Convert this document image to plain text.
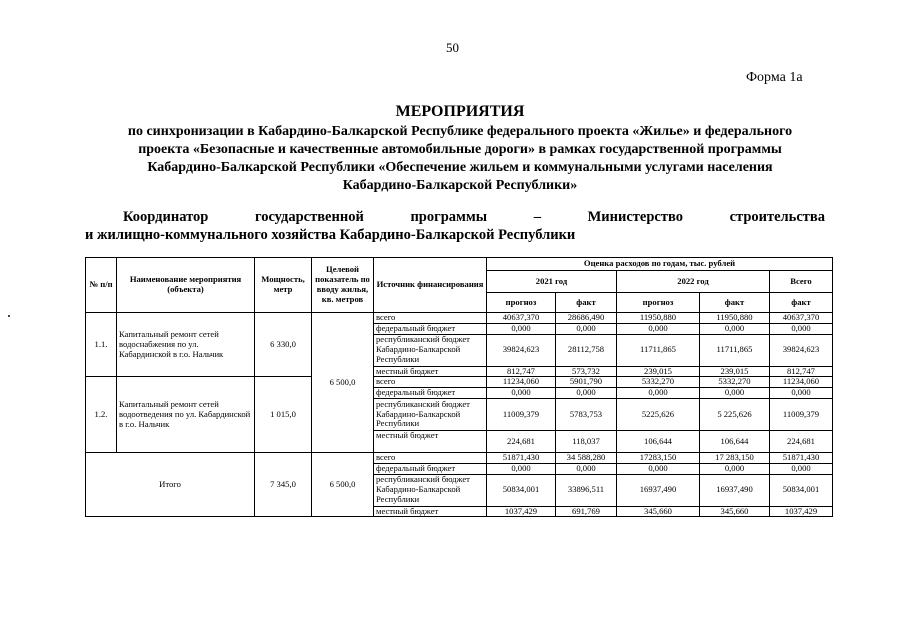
50
Форма 1а
МЕРОПРИЯТИЯ
по синхронизации в Кабардино-Балкарской Республике федерального проекта «Жилье» и федерального
проекта «Безопасные и качественные автомобильные дороги» в рамках государственной программы
Кабардино-Балкарской Республики «Обеспечение жильем и коммунальными услугами населения
Кабардино-Балкарской Республики»
Координатор	государственной	программы	–	Министерство	строительства
и жилищно-коммунального хозяйства Кабардино-Балкарской Республики
№ п/п	Наименование мероприятия (объекта)	Мощность, метр	Целевой показатель по вводу жилья, кв. метров	Источник финансирования	Оценка расходов по годам, тыс. рублей				
					2021 год		2022 год		Всего
					прогноз	факт	прогноз	факт	факт
1.1.	Капитальный ремонт сетей водоснабжения по ул. Кабардинской в г.о. Нальчик	6 330,0	6 500,0	всего	40637,370	28686,490	11950,880	11950,880	40637,370
				федеральный бюджет	0,000	0,000	0,000	0,000	0,000
				республиканский бюджет Кабардино-Балкарской Республики	39824,623	28112,758	11711,865	11711,865	39824,623
				местный бюджет	812,747	573,732	239,015	239,015	812,747
1.2.	Капитальный ремонт сетей водоотведения по ул. Кабардинской в г.о. Нальчик	1 015,0		всего	11234,060	5901,790	5332,270	5332,270	11234,060
				федеральный бюджет	0,000	0,000	0,000	0,000	0,000
				республиканский бюджет Кабардино-Балкарской Республики	11009,379	5783,753	5225,626	5 225,626	11009,379
				местный бюджет	224,681	118,037	106,644	106,644	224,681
Итого		7 345,0	6 500,0	всего	51871,430	34 588,280	17283,150	17 283,150	51871,430
				федеральный бюджет	0,000	0,000	0,000	0,000	0,000
				республиканский бюджет Кабардино-Балкарской Республики	50834,001	33896,511	16937,490	16937,490	50834,001
				местный бюджет	1037,429	691,769	345,660	345,660	1037,429
